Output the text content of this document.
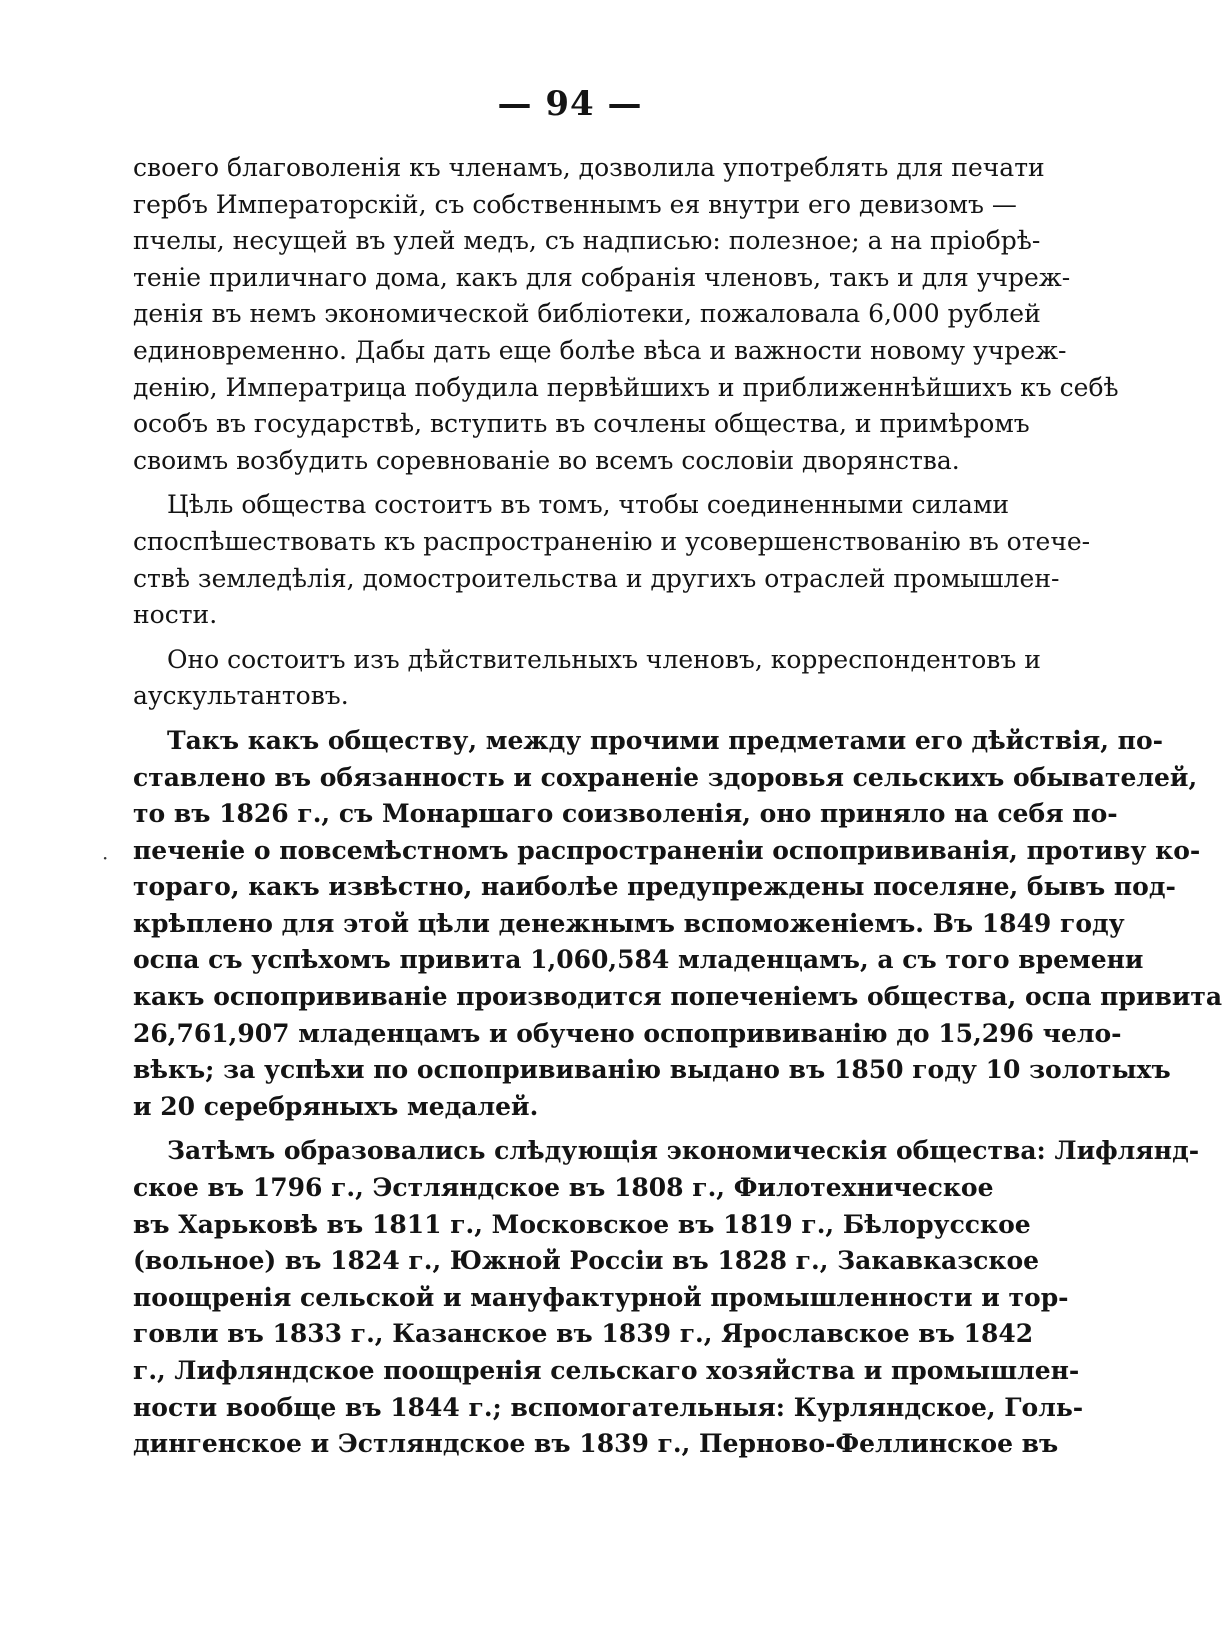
— 94 —
·
своего благоволенія къ членамъ, дозволила употреблять для печати
гербъ Императорскій, съ собственнымъ ея внутри его девизомъ —
пчелы, несущей въ улей медъ, съ надписью: полезное; а на пріобрѣ-
теніе приличнаго дома, какъ для собранія членовъ, такъ и для учреж-
денія въ немъ экономической библіотеки, пожаловала 6,000 рублей
единовременно. Дабы дать еще болѣе вѣса и важности новому учреж-
денію, Императрица побудила первѣйшихъ и приближеннѣйшихъ къ себѣ
особъ въ государствѣ, вступить въ сочлены общества, и примѣромъ
своимъ возбудить соревнованіе во всемъ сословіи дворянства.
Цѣль общества состоитъ въ томъ, чтобы соединенными силами
споспѣшествовать къ распространенію и усовершенствованію въ отече-
ствѣ земледѣлія, домостроительства и другихъ отраслей промышлен-
ности.
Оно состоитъ изъ дѣйствительныхъ членовъ, корреспондентовъ и
аускультантовъ.
Такъ какъ обществу, между прочими предметами его дѣйствія, по-
ставлено въ обязанность и сохраненіе здоровья сельскихъ обывателей,
то въ 1826 г., съ Монаршаго соизволенія, оно приняло на себя по-
печеніе о повсемѣстномъ распространеніи оспопрививанія, противу ко-
тораго, какъ извѣстно, наиболѣе предупреждены поселяне, бывъ под-
крѣплено для этой цѣли денежнымъ вспоможеніемъ. Въ 1849 году
оспа съ успѣхомъ привита 1,060,584 младенцамъ, а съ того времени
какъ оспопрививаніе производится попеченіемъ общества, оспа привита
26,761,907 младенцамъ и обучено оспопрививанію до 15,296 чело-
вѣкъ; за успѣхи по оспопрививанію выдано въ 1850 году 10 золотыхъ
и 20 серебряныхъ медалей.
Затѣмъ образовались слѣдующія экономическія общества: Лифлянд-
ское въ 1796 г., Эстляндское въ 1808 г., Филотехническое
въ Харьковѣ въ 1811 г., Московское въ 1819 г., Бѣлорусское
(вольное) въ 1824 г., Южной Россіи въ 1828 г., Закавказское
поощренія сельской и мануфактурной промышленности и тор-
говли въ 1833 г., Казанское въ 1839 г., Ярославское въ 1842
г., Лифляндское поощренія сельскаго хозяйства и промышлен-
ности вообще въ 1844 г.; вспомогательныя: Курляндское, Голь-
дингенское и Эстляндское въ 1839 г., Перново-Феллинское въ
